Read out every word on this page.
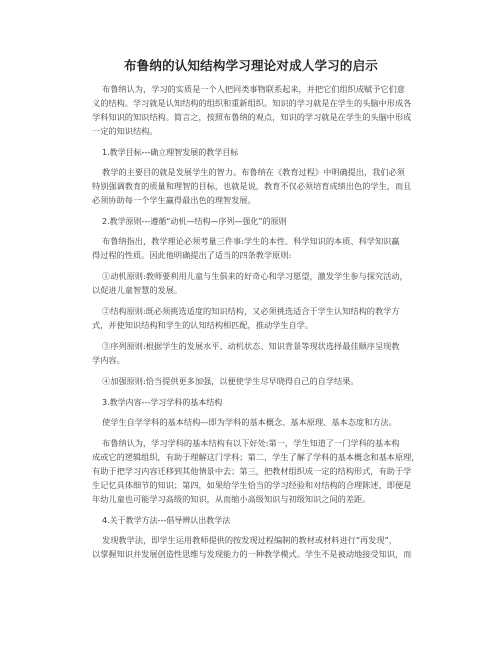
布鲁纳的认知结构学习理论对成人学习的启示
布鲁纳认为，学习的实质是一个人把同类事物联系起来，并把它们组织成赋予它们意
义的结构。学习就是认知结构的组织和重新组织。知识的学习就是在学生的头脑中形成各
学科知识的知识结构。简言之，按照布鲁纳的观点，知识的学习就是在学生的头脑中形成
一定的知识结构。
1.教学目标---确立理智发展的教学目标
教学的主要目的就是发展学生的智力。布鲁纳在《教育过程》中明确提出，我们必须
特别强调教育的质量和理智的目标，也就是说，教育不仅必须培育成绩出色的学生，而且
必须协助每一个学生赢得最出色的理智发展。
2.教学原则---遵循“动机—结构—序列—强化”的原则
布鲁纳指出，教学理论必须考量三件事:学生的本性、科学知识的本质、科学知识赢
得过程的性质。因此他明确提出了适当的四条教学原则:
①动机原则:教师要利用儿童与生俱来的好奇心和学习愿望，激发学生参与探究活动，
以促进儿童智慧的发展。
②结构原则:既必须挑选适度的知识结构，又必须挑选适合于学生认知结构的教学方
式，并使知识结构和学生的认知结构相匹配，推动学生自学。
③序列原则:根据学生的发展水平、动机状态、知识背景等现状选择最佳顺序呈现教
学内容。
④加强原则:恰当提供更多加强，以便使学生尽早晓得自己的自学结果。
3.教学内容---学习学科的基本结构
使学生自学学科的基本结构---即为学科的基本概念、基本原理、基本态度和方法。
布鲁纳认为，学习学科的基本结构有以下好处:第一，学生知道了一门学科的基本构
成或它的逻辑组织，有助于理解这门学科；第二，学生了解了学科的基本概念和基本原理，
有助于把学习内容迁移到其他情景中去；第三，把教材组织成一定的结构形式，有助于学
生记忆具体细节的知识；第四，如果给学生恰当的学习经验和对结构的合理陈述，即便是
年幼儿童也可能学习高级的知识，从而缩小高级知识与初级知识之间的差距。
4.关于教学方法---倡导辨认出教学法
发现教学法，即学生运用教师提供的按发现过程编制的教材或材料进行“再发现”，
以掌握知识并发展创造性思维与发现能力的一种教学模式。学生不是被动地接受知识，而
